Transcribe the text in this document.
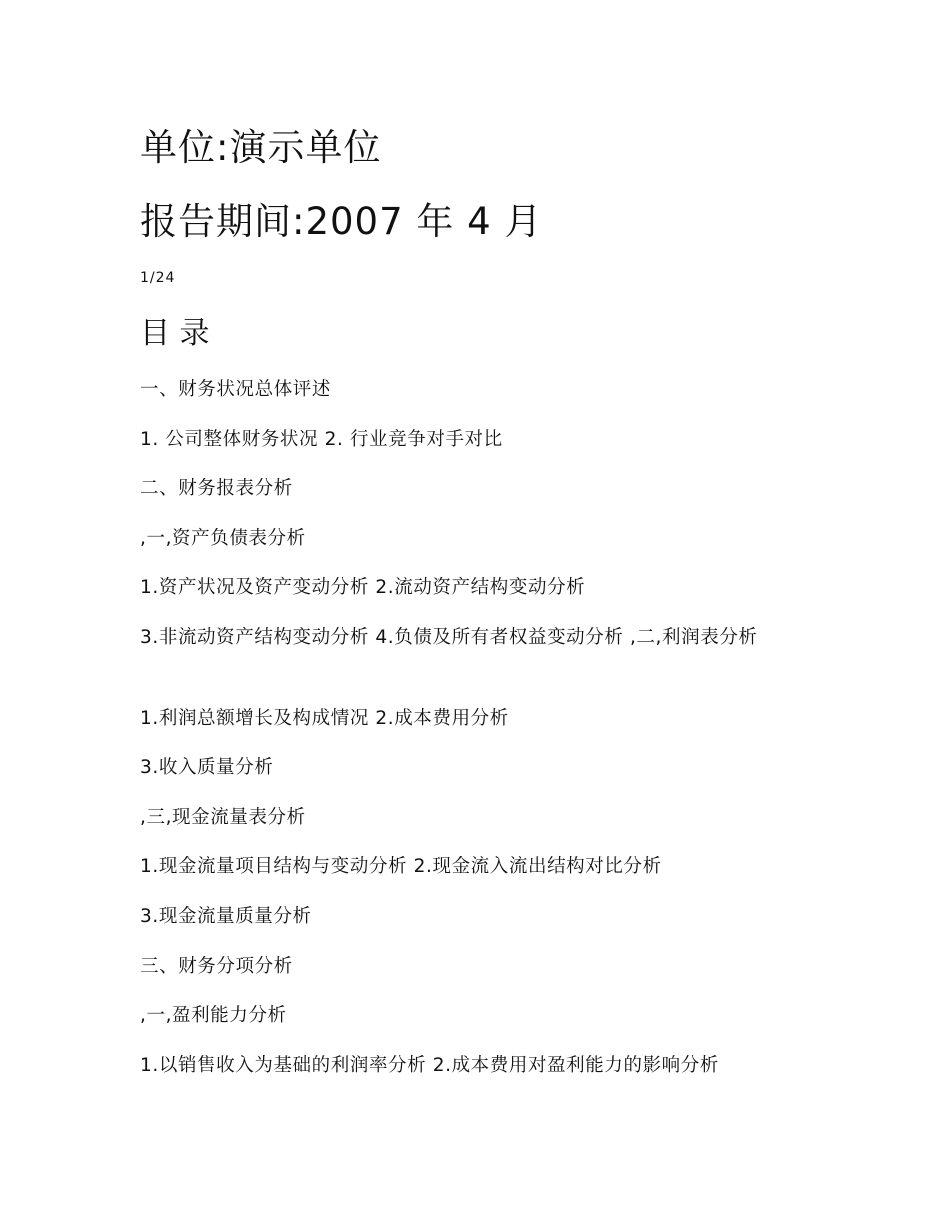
单位:演示单位
报告期间:2007 年 4 月
1/24
目 录
一、财务状况总体评述
1. 公司整体财务状况 2. 行业竞争对手对比
二、财务报表分析
,一,资产负债表分析
1.资产状况及资产变动分析 2.流动资产结构变动分析
3.非流动资产结构变动分析 4.负债及所有者权益变动分析 ,二,利润表分析
1.利润总额增长及构成情况 2.成本费用分析
3.收入质量分析
,三,现金流量表分析
1.现金流量项目结构与变动分析 2.现金流入流出结构对比分析
3.现金流量质量分析
三、财务分项分析
,一,盈利能力分析
1.以销售收入为基础的利润率分析 2.成本费用对盈利能力的影响分析
